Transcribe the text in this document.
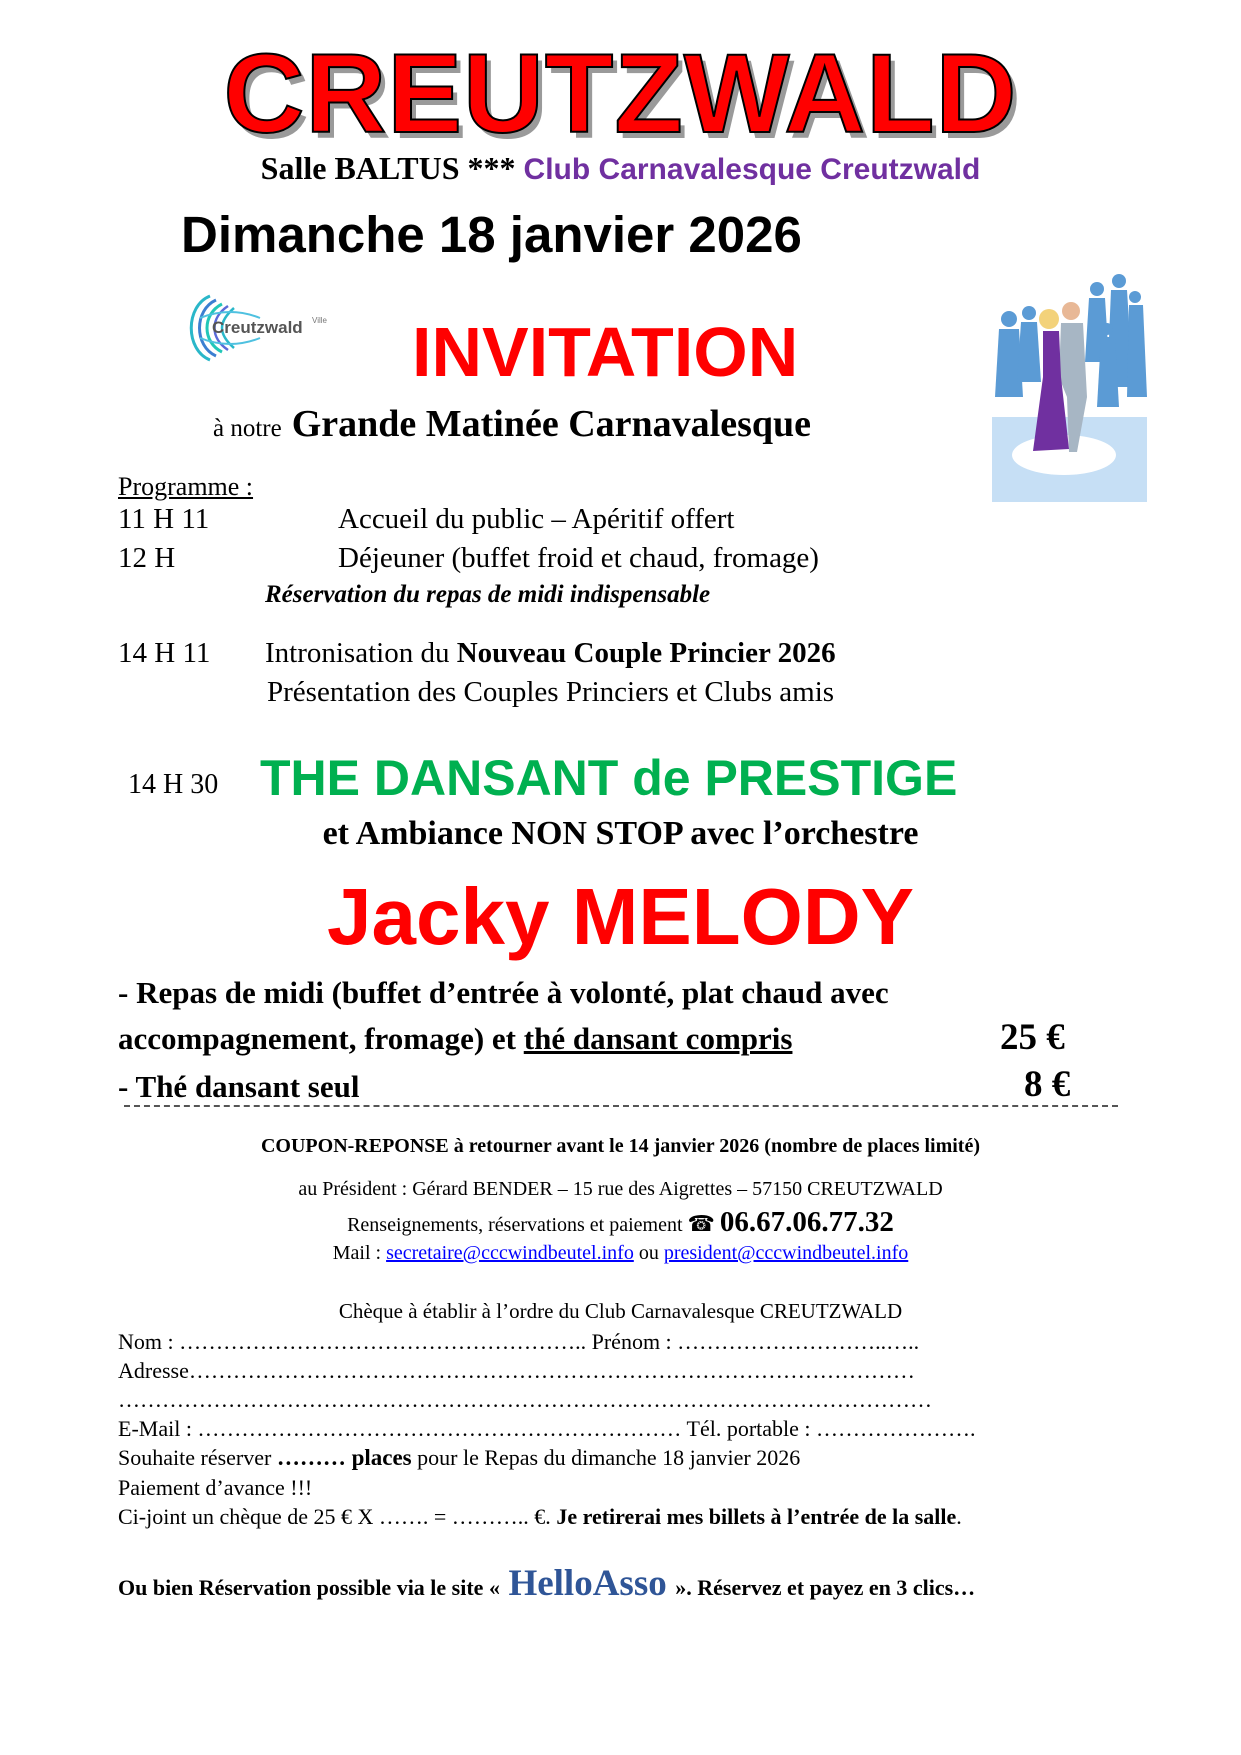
CREUTZWALD
Salle BALTUS *** Club Carnavalesque Creutzwald
Dimanche 18 janvier 2026
Creutzwald Ville INVITATION
à notre Grande Matinée Carnavalesque
Programme :
11 H 11	Accueil du public – Apéritif offert
12 H	Déjeuner (buffet froid et chaud, fromage)
Réservation du repas de midi indispensable
14 H 11 Intronisation du Nouveau Couple Princier 2026
Présentation des Couples Princiers et Clubs amis
14 H 30 THE DANSANT de PRESTIGE
et Ambiance NON STOP avec l’orchestre
Jacky MELODY
- Repas de midi (buffet d’entrée à volonté, plat chaud avec
accompagnement, fromage) et thé dansant compris	25 €
- Thé dansant seul	8 €
COUPON-REPONSE à retourner avant le 14 janvier 2026 (nombre de places limité)
au Président : Gérard BENDER – 15 rue des Aigrettes – 57150 CREUTZWALD
Renseignements, réservations et paiement ☎ 06.67.06.77.32
Mail : secretaire@cccwindbeutel.info ou president@cccwindbeutel.info
Chèque à établir à l’ordre du Club Carnavalesque CREUTZWALD
Nom : ……………………………………………….. Prénom : ………………………..…..
Adresse………………………………………………………………………………………
…………………………………………………………………………………………………
E-Mail : ………………………………………………………… Tél. portable : ………………….
Souhaite réserver ……… places pour le Repas du dimanche 18 janvier 2026
Paiement d’avance !!!
Ci-joint un chèque de 25 € X ……. = ……….. €. Je retirerai mes billets à l’entrée de la salle.
Ou bien Réservation possible via le site « HelloAsso ». Réservez et payez en 3 clics…
